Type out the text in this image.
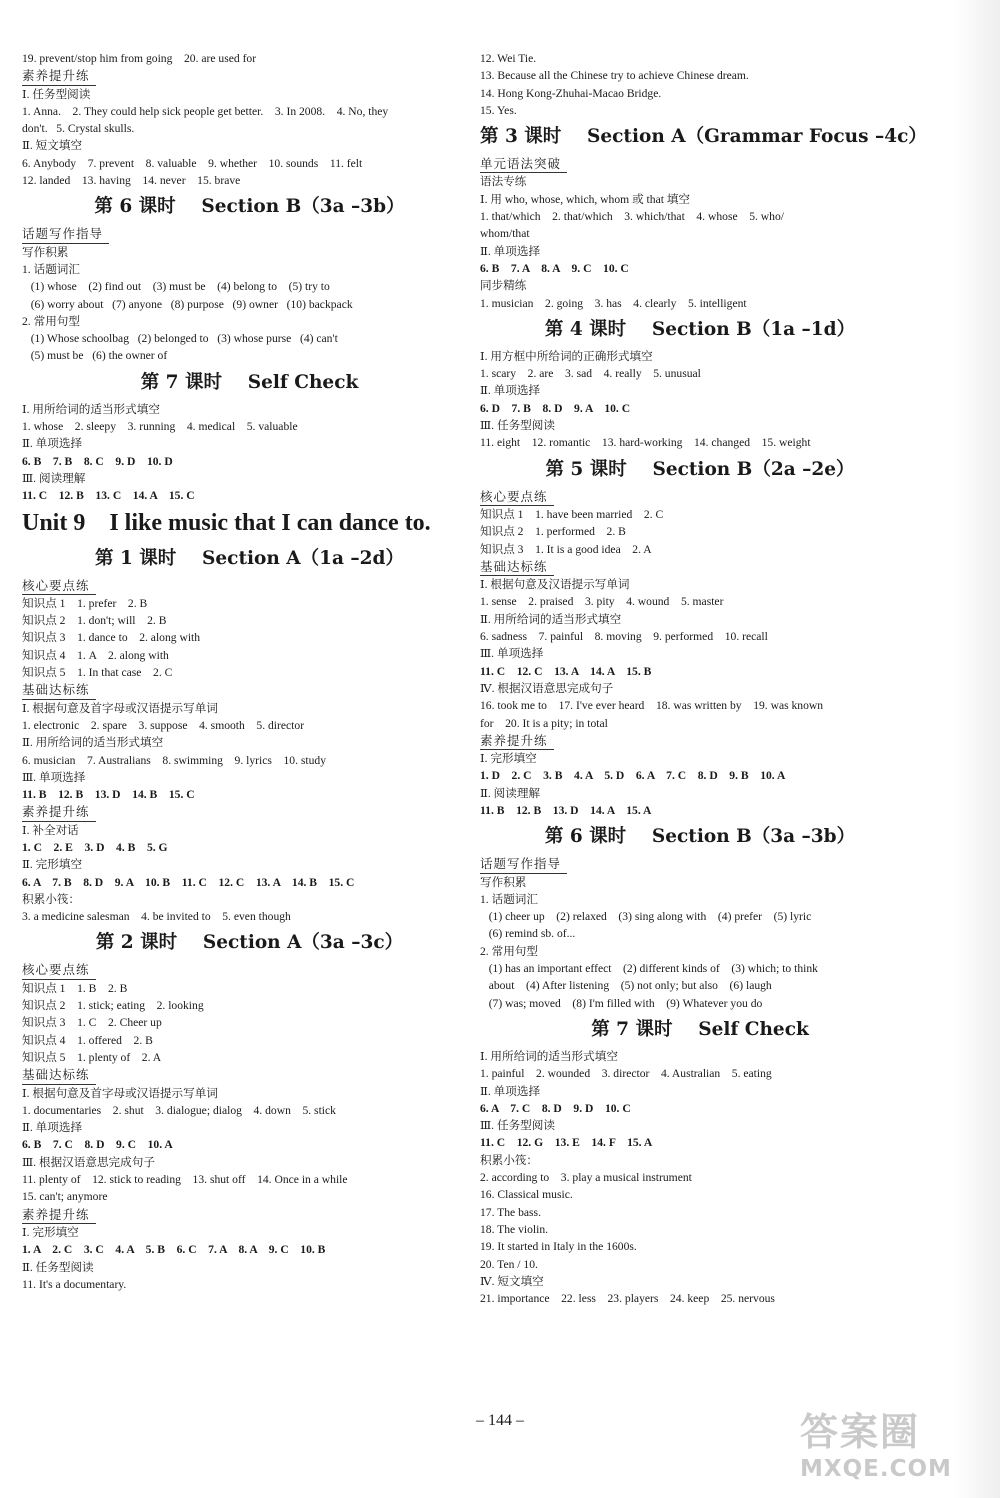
19. prevent/stop him from going    20. are used for
素养提升练
Ⅰ. 任务型阅读
1. Anna.    2. They could help sick people get better.    3. In 2008.    4. No, they
don't.   5. Crystal skulls.
Ⅱ. 短文填空
6. Anybody    7. prevent    8. valuable    9. whether    10. sounds    11. felt
12. landed    13. having    14. never    15. brave
第 6 课时    Section B（3a –3b）
话题写作指导
写作积累
1. 话题词汇
(1) whose    (2) find out    (3) must be    (4) belong to    (5) try to
(6) worry about   (7) anyone   (8) purpose   (9) owner   (10) backpack
2. 常用句型
(1) Whose schoolbag   (2) belonged to   (3) whose purse   (4) can't
(5) must be   (6) the owner of
第 7 课时    Self Check
Ⅰ. 用所给词的适当形式填空
1. whose    2. sleepy    3. running    4. medical    5. valuable
Ⅱ. 单项选择
6. B    7. B    8. C    9. D    10. D
Ⅲ. 阅读理解
11. C    12. B    13. C    14. A    15. C
Unit 9    I like music that I can dance to.
第 1 课时    Section A（1a –2d）
核心要点练
知识点 1    1. prefer    2. B
知识点 2    1. don't; will    2. B
知识点 3    1. dance to    2. along with
知识点 4    1. A    2. along with
知识点 5    1. In that case    2. C
基础达标练
Ⅰ. 根据句意及首字母或汉语提示写单词
1. electronic    2. spare    3. suppose    4. smooth    5. director
Ⅱ. 用所给词的适当形式填空
6. musician    7. Australians    8. swimming    9. lyrics    10. study
Ⅲ. 单项选择
11. B    12. B    13. D    14. B    15. C
素养提升练
Ⅰ. 补全对话
1. C    2. E    3. D    4. B    5. G
Ⅱ. 完形填空
6. A    7. B    8. D    9. A    10. B    11. C    12. C    13. A    14. B    15. C
积累小筏：
3. a medicine salesman    4. be invited to    5. even though
第 2 课时    Section A（3a –3c）
核心要点练
知识点 1    1. B    2. B
知识点 2    1. stick; eating    2. looking
知识点 3    1. C    2. Cheer up
知识点 4    1. offered    2. B
知识点 5    1. plenty of    2. A
基础达标练
Ⅰ. 根据句意及首字母或汉语提示写单词
1. documentaries    2. shut    3. dialogue; dialog    4. down    5. stick
Ⅱ. 单项选择
6. B    7. C    8. D    9. C    10. A
Ⅲ. 根据汉语意思完成句子
11. plenty of    12. stick to reading    13. shut off    14. Once in a while
15. can't; anymore
素养提升练
Ⅰ. 完形填空
1. A    2. C    3. C    4. A    5. B    6. C    7. A    8. A    9. C    10. B
Ⅱ. 任务型阅读
11. It's a documentary.
12. Wei Tie.
13. Because all the Chinese try to achieve Chinese dream.
14. Hong Kong-Zhuhai-Macao Bridge.
15. Yes.
第 3 课时    Section A（Grammar Focus –4c）
单元语法突破
语法专练
Ⅰ. 用 who, whose, which, whom 或 that 填空
1. that/which    2. that/which    3. which/that    4. whose    5. who/
whom/that
Ⅱ. 单项选择
6. B    7. A    8. A    9. C    10. C
同步精练
1. musician    2. going    3. has    4. clearly    5. intelligent
第 4 课时    Section B（1a –1d）
Ⅰ. 用方框中所给词的正确形式填空
1. scary    2. are    3. sad    4. really    5. unusual
Ⅱ. 单项选择
6. D    7. B    8. D    9. A    10. C
Ⅲ. 任务型阅读
11. eight    12. romantic    13. hard-working    14. changed    15. weight
第 5 课时    Section B（2a –2e）
核心要点练
知识点 1    1. have been married    2. C
知识点 2    1. performed    2. B
知识点 3    1. It is a good idea    2. A
基础达标练
Ⅰ. 根据句意及汉语提示写单词
1. sense    2. praised    3. pity    4. wound    5. master
Ⅱ. 用所给词的适当形式填空
6. sadness    7. painful    8. moving    9. performed    10. recall
Ⅲ. 单项选择
11. C    12. C    13. A    14. A    15. B
Ⅳ. 根据汉语意思完成句子
16. took me to    17. I've ever heard    18. was written by    19. was known
for    20. It is a pity; in total
素养提升练
Ⅰ. 完形填空
1. D    2. C    3. B    4. A    5. D    6. A    7. C    8. D    9. B    10. A
Ⅱ. 阅读理解
11. B    12. B    13. D    14. A    15. A
第 6 课时    Section B（3a –3b）
话题写作指导
写作积累
1. 话题词汇
(1) cheer up    (2) relaxed    (3) sing along with    (4) prefer    (5) lyric
(6) remind sb. of...
2. 常用句型
(1) has an important effect    (2) different kinds of    (3) which; to think
about    (4) After listening    (5) not only; but also    (6) laugh
(7) was; moved    (8) I'm filled with    (9) Whatever you do
第 7 课时    Self Check
Ⅰ. 用所给词的适当形式填空
1. painful    2. wounded    3. director    4. Australian    5. eating
Ⅱ. 单项选择
6. A    7. C    8. D    9. D    10. C
Ⅲ. 任务型阅读
11. C    12. G    13. E    14. F    15. A
积累小筏：
2. according to    3. play a musical instrument
16. Classical music.
17. The bass.
18. The violin.
19. It started in Italy in the 1600s.
20. Ten / 10.
Ⅳ. 短文填空
21. importance    22. less    23. players    24. keep    25. nervous
– 144 –	答案圈
MXQE.COM
